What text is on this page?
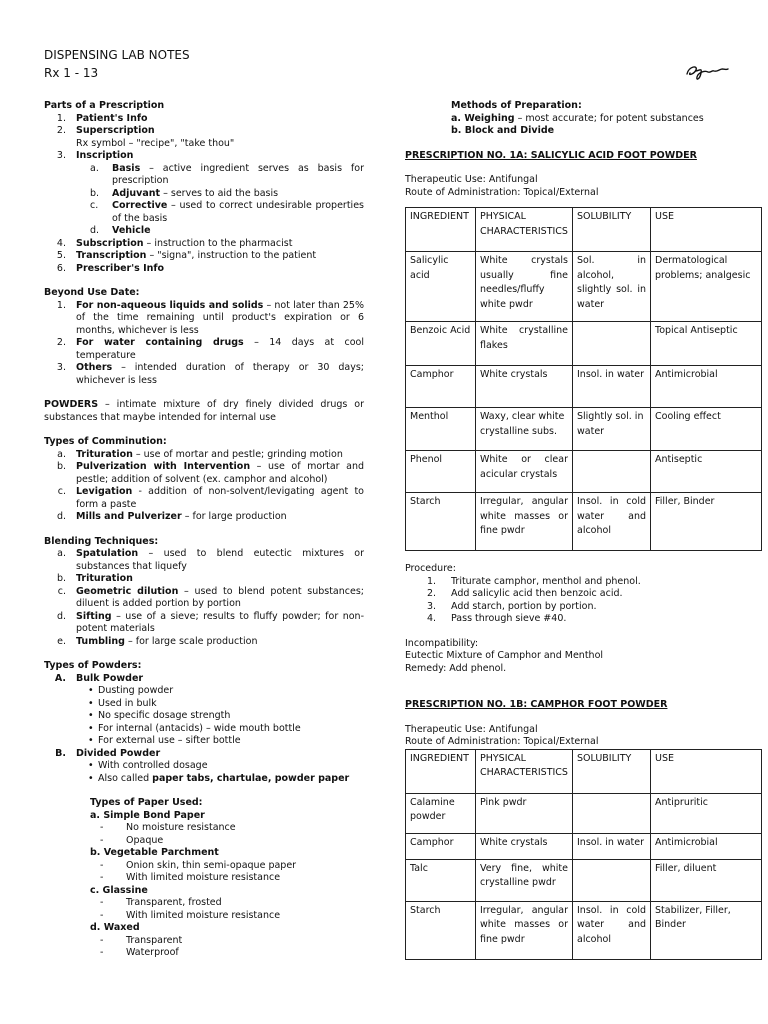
DISPENSING LAB NOTES
Rx 1 - 13
Parts of a Prescription
1.	Patient's Info
2.	Superscription
Rx symbol – "recipe", "take thou"
3.	Inscription
a.	Basis – active ingredient serves as basis for prescription
b.	Adjuvant – serves to aid the basis
c.	Corrective – used to correct undesirable properties of the basis
d.	Vehicle
4.	Subscription – instruction to the pharmacist
5.	Transcription – "signa", instruction to the patient
6.	Prescriber's Info
Beyond Use Date:
1.	For non-aqueous liquids and solids – not later than 25% of the time remaining until product's expiration or 6 months, whichever is less
2.	For water containing drugs – 14 days at cool temperature
3.	Others – intended duration of therapy or 30 days; whichever is less
POWDERS – intimate mixture of dry finely divided drugs or substances that maybe intended for internal use
Types of Comminution:
a.	Trituration – use of mortar and pestle; grinding motion
b.	Pulverization with Intervention – use of mortar and pestle; addition of solvent (ex. camphor and alcohol)
c.	Levigation - addition of non-solvent/levigating agent to form a paste
d.	Mills and Pulverizer – for large production
Blending Techniques:
a.	Spatulation – used to blend eutectic mixtures or substances that liquefy
b.	Trituration
c.	Geometric dilution – used to blend potent substances; diluent is added portion by portion
d.	Sifting – use of a sieve; results to fluffy powder; for non-potent materials
e.	Tumbling – for large scale production
Types of Powders:
A.	Bulk Powder
• Dusting powder
• Used in bulk
• No specific dosage strength
• For internal (antacids) – wide mouth bottle
• For external use – sifter bottle
B.	Divided Powder
• With controlled dosage
• Also called paper tabs, chartulae, powder paper
Types of Paper Used:
a. Simple Bond Paper
-	No moisture resistance
-	Opaque
b. Vegetable Parchment
-	Onion skin, thin semi-opaque paper
-	With limited moisture resistance
c. Glassine
-	Transparent, frosted
-	With limited moisture resistance
d. Waxed
-	Transparent
-	Waterproof
Methods of Preparation:
a. Weighing – most accurate; for potent substances
b. Block and Divide
PRESCRIPTION NO. 1A: SALICYLIC ACID FOOT POWDER
Therapeutic Use: Antifungal
Route of Administration: Topical/External
INGREDIENT	PHYSICAL CHARACTERISTICS	SOLUBILITY	USE
Salicylic acid	White crystals usually fine needles/fluffy white pwdr	Sol. in alcohol, slightly sol. in water	Dermatological problems; analgesic
Benzoic Acid	White crystalline flakes		Topical Antiseptic
Camphor	White crystals	Insol. in water	Antimicrobial
Menthol	Waxy, clear white crystalline subs.	Slightly sol. in water	Cooling effect
Phenol	White or clear acicular crystals		Antiseptic
Starch	Irregular, angular white masses or fine pwdr	Insol. in cold water and alcohol	Filler, Binder
Procedure:
1.	Triturate camphor, menthol and phenol.
2.	Add salicylic acid then benzoic acid.
3.	Add starch, portion by portion.
4.	Pass through sieve #40.
Incompatibility:
Eutectic Mixture of Camphor and Menthol
Remedy: Add phenol.
PRESCRIPTION NO. 1B: CAMPHOR FOOT POWDER
Therapeutic Use: Antifungal
Route of Administration: Topical/External
INGREDIENT	PHYSICAL CHARACTERISTICS	SOLUBILITY	USE
Calamine powder	Pink pwdr		Antipruritic
Camphor	White crystals	Insol. in water	Antimicrobial
Talc	Very fine, white crystalline pwdr		Filler, diluent
Starch	Irregular, angular white masses or fine pwdr	Insol. in cold water and alcohol	Stabilizer, Filler, Binder
